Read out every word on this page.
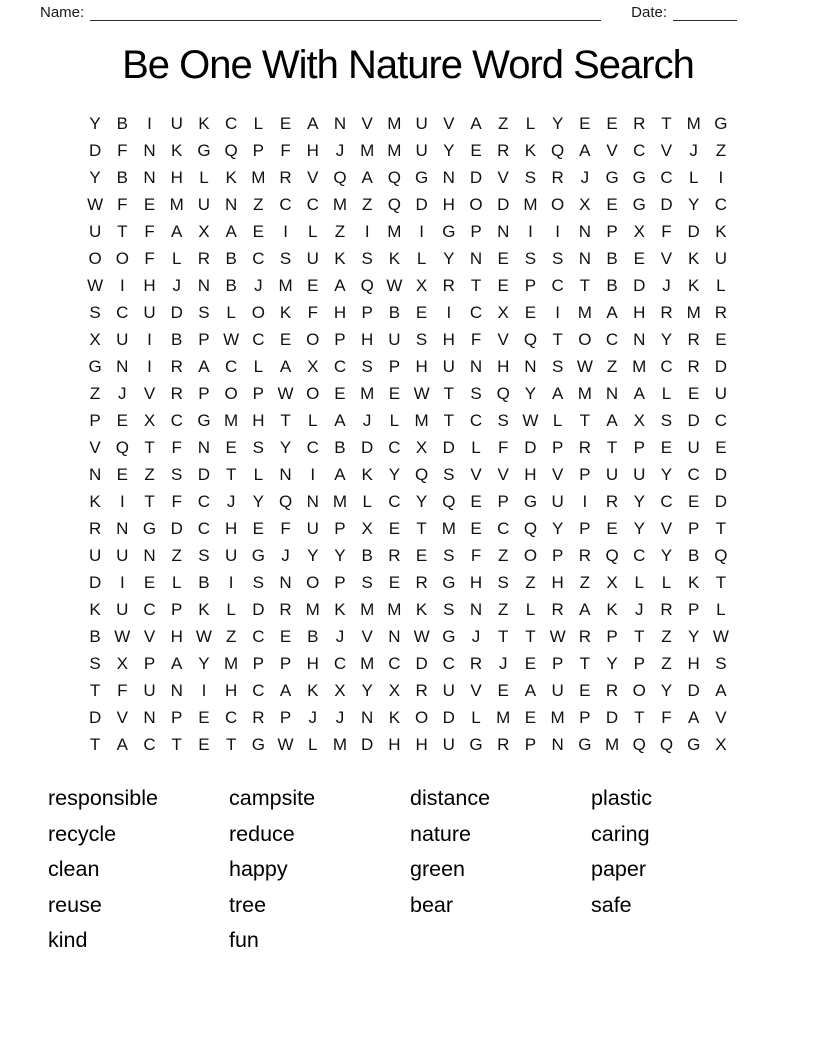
Name:	Date:
Be One With Nature Word Search
Y B	I	U K C L E A N V M U V A Z	L Y E E R T M G
D F N K G Q P F H J M M U Y E R K Q A V C V	J	Z
Y B N H L K M R V Q A Q G N D V S R J G G C L	I
W F E M U N Z C C M Z Q D H O D M O X E G D Y C
U T F A X A E	I	L	Z	I	M	I	G P N	I	I	N P X F D K
O O F	L R B C S U K S K L Y N E S S N B E V K U
W I	H J N B	J M E A Q W X R T E P C T B D J	K L
S C U D S L O K F H P B E	I	C X E	I	M A H R M R
X U	I	B P W C E O P H U S H F V Q T O C N Y R E
G N	I	R A C L A X C S P H U N H N S W Z M C R D
Z	J	V R P O P W O E M E W T S Q Y A M N A L E U
P E X C G M H T	L A	J	L M T C S W L	T A X S D C
V Q T F N E S Y C B D C X D L	F D P R T P E U E
N E Z S D T	L N	I	A K Y Q S V V H V P U U Y C D
K	I	T F C J	Y Q N M L C Y Q E P G U	I	R Y C E D
R N G D C H E F U P X E T M E C Q Y P E Y V P T
U U N Z S U G J	Y Y B R E S F Z O P R Q C Y B Q
D	I	E L B	I	S N O P S E R G H S Z H Z X L	L K T
K U C P K L D R M K M M K S N Z	L R A K	J R P L
B W V H W Z C E B	J	V N W G J	T T W R P T Z Y W
S X P A Y M P P H C M C D C R J	E P T Y P Z H S
T F U N	I	H C A K X Y X R U V E A U E R O Y D A
D V N P E C R P	J	J N K O D L M E M P D T F A V
T A C T E T G W L M D H H U G R P N G M Q Q G X
responsible
recycle
clean
reuse
kind
campsite
reduce
happy
tree
fun
distance
nature
green
bear
plastic
caring
paper
safe
